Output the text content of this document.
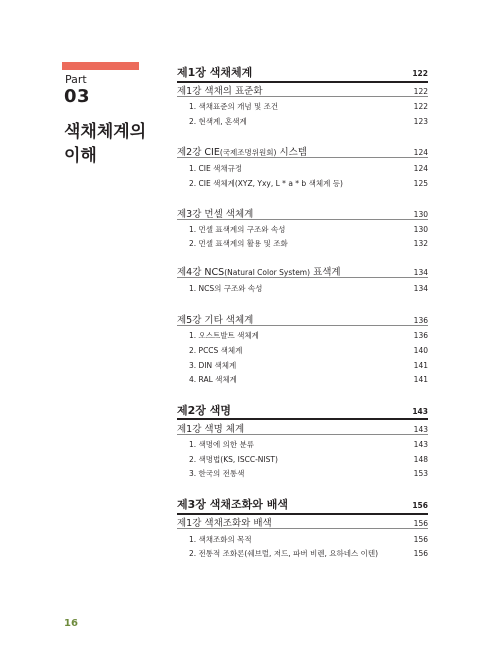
Part
03
색채체계의
이해
제1장 색채체계	122
제1강 색채의 표준화	122
1. 색채표준의 개념 및 조건	122
2. 현색계, 혼색계	123
제2강 CIE(국제조명위원회) 시스템	124
1. CIE 색채규정	124
2. CIE 색체계(XYZ, Yxy, L * a * b 색체계 등)	125
제3강 먼셀 색체계	130
1. 먼셀 표색계의 구조와 속성	130
2. 먼셀 표색계의 활용 및 조화	132
제4강 NCS(Natural Color System) 표색계	134
1. NCS의 구조와 속성	134
제5강 기타 색체계	136
1. 오스트발트 색체계	136
2. PCCS 색체계	140
3. DIN 색체계	141
4. RAL 색체계	141
제2장 색명	143
제1강 색명 체계	143
1. 색명에 의한 분류	143
2. 색명법(KS, ISCC-NIST)	148
3. 한국의 전통색	153
제3장 색채조화와 배색	156
제1강 색채조화와 배색	156
1. 색채조화의 목적	156
2. 전통적 조화론(쉐브럴, 저드, 파버 비렌, 요하네스 이텐)	156
16
